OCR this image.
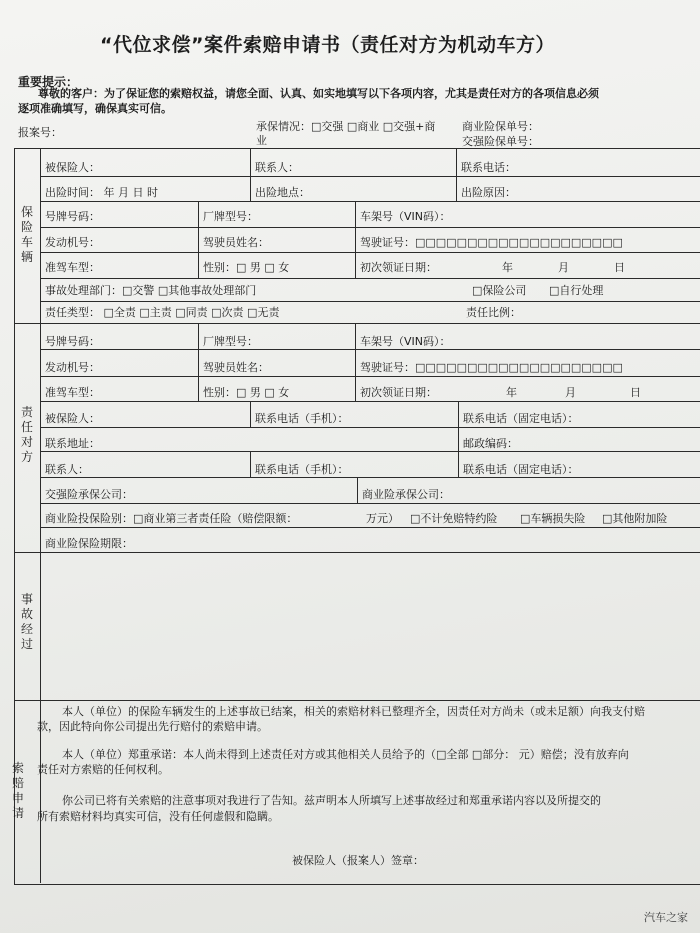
“代位求偿”案件索赔申请书（责任对方为机动车方）
重要提示：
尊敬的客户：为了保证您的索赔权益，请您全面、认真、如实地填写以下各项内容，尤其是责任对方的各项信息必须
逐项准确填写，确保真实可信。
报案号：	承保情况：□交强 □商业 □交强+商
业
商业险保单号：
交强险保单号：
保险车辆
责任对方
事故经过
索赔申请
被保险人：	联系人：	联系电话：
出险时间： 年 月 日 时	出险地点：	出险原因：
号牌号码：	厂牌型号：	车架号（VIN码）：
发动机号：	驾驶员姓名：	驾驶证号：□□□□□□□□□□□□□□□□□□□□
准驾车型：	性别：□ 男 □ 女	初次领证日期：	年	月	日
事故处理部门：□交警 □其他事故处理部门	□保险公司 □自行处理
责任类型： □全责 □主责 □同责 □次责 □无责	责任比例：
号牌号码：	厂牌型号：	车架号（VIN码）：
发动机号：	驾驶员姓名：	驾驶证号：□□□□□□□□□□□□□□□□□□□□
准驾车型：	性别：□ 男 □ 女	初次领证日期：	年	月	日
被保险人：	联系电话（手机）：	联系电话（固定电话）：
联系地址：	邮政编码：
联系人：	联系电话（手机）：	联系电话（固定电话）：
交强险承保公司：	商业险承保公司：
商业险投保险别：□商业第三者责任险（赔偿限额：	万元） □不计免赔特约险 □车辆损失险 □其他附加险
商业险保险期限：
本人（单位）的保险车辆发生的上述事故已结案，相关的索赔材料已整理齐全，因责任对方尚未（或未足额）向我支付赔
款，因此特向你公司提出先行赔付的索赔申请。
本人（单位）郑重承诺：本人尚未得到上述责任对方或其他相关人员给予的（□全部 □部分： 元）赔偿；没有放弃向
责任对方索赔的任何权利。
你公司已将有关索赔的注意事项对我进行了告知。兹声明本人所填写上述事故经过和郑重承诺内容以及所提交的
所有索赔材料均真实可信，没有任何虚假和隐瞒。
被保险人（报案人）签章：
汽车之家
